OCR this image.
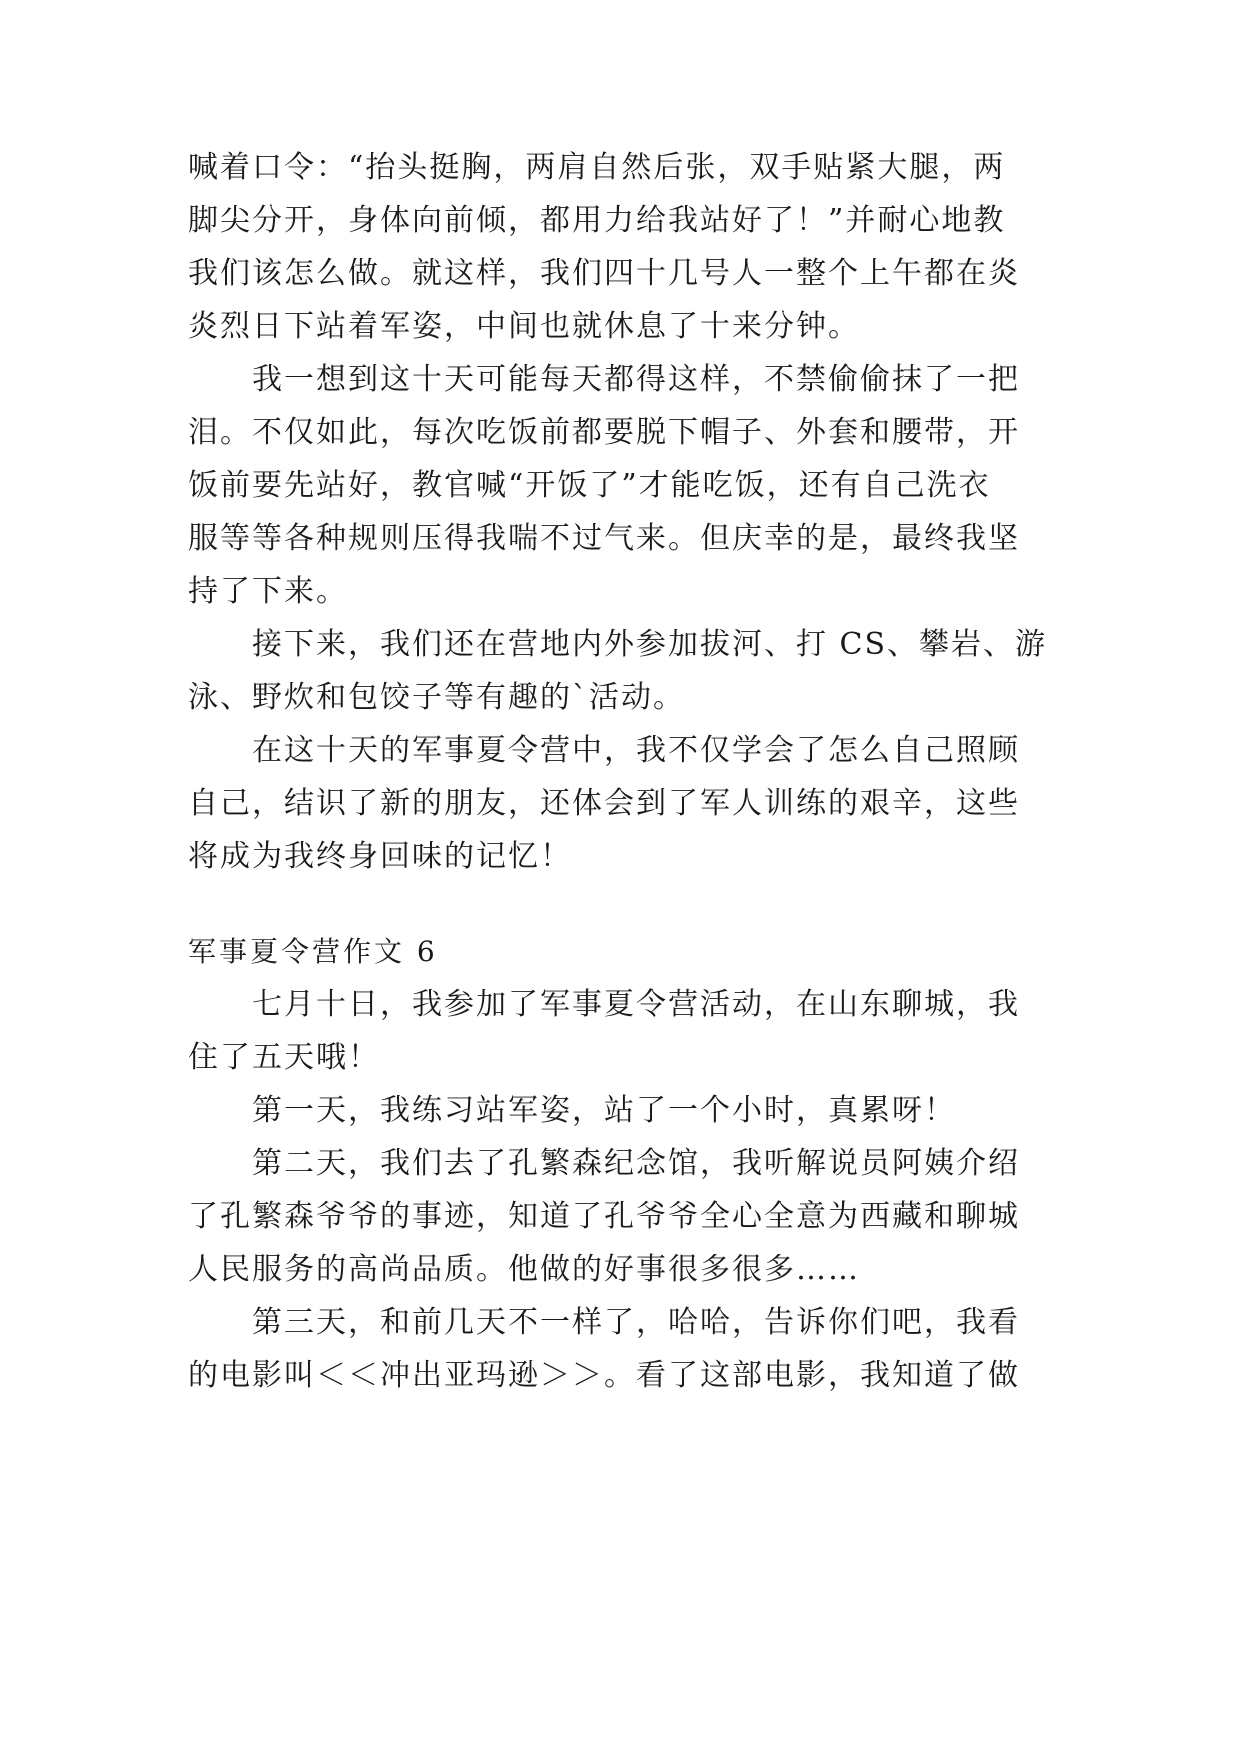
喊着口令：“抬头挺胸，两肩自然后张，双手贴紧大腿，两
脚尖分开，身体向前倾，都用力给我站好了！”并耐心地教
我们该怎么做。就这样，我们四十几号人一整个上午都在炎
炎烈日下站着军姿，中间也就休息了十来分钟。
　　我一想到这十天可能每天都得这样，不禁偷偷抹了一把
泪。不仅如此，每次吃饭前都要脱下帽子、外套和腰带，开
饭前要先站好，教官喊“开饭了”才能吃饭，还有自己洗衣
服等等各种规则压得我喘不过气来。但庆幸的是，最终我坚
持了下来。
　　接下来，我们还在营地内外参加拔河、打 CS、攀岩、游
泳、野炊和包饺子等有趣的`活动。
　　在这十天的军事夏令营中，我不仅学会了怎么自己照顾
自己，结识了新的朋友，还体会到了军人训练的艰辛，这些
将成为我终身回味的记忆！
军事夏令营作文 6
　　七月十日，我参加了军事夏令营活动，在山东聊城，我
住了五天哦！
　　第一天，我练习站军姿，站了一个小时，真累呀！
　　第二天，我们去了孔繁森纪念馆，我听解说员阿姨介绍
了孔繁森爷爷的事迹，知道了孔爷爷全心全意为西藏和聊城
人民服务的高尚品质。他做的好事很多很多……
　　第三天，和前几天不一样了，哈哈，告诉你们吧，我看
的电影叫＜＜冲出亚玛逊＞＞。看了这部电影，我知道了做
